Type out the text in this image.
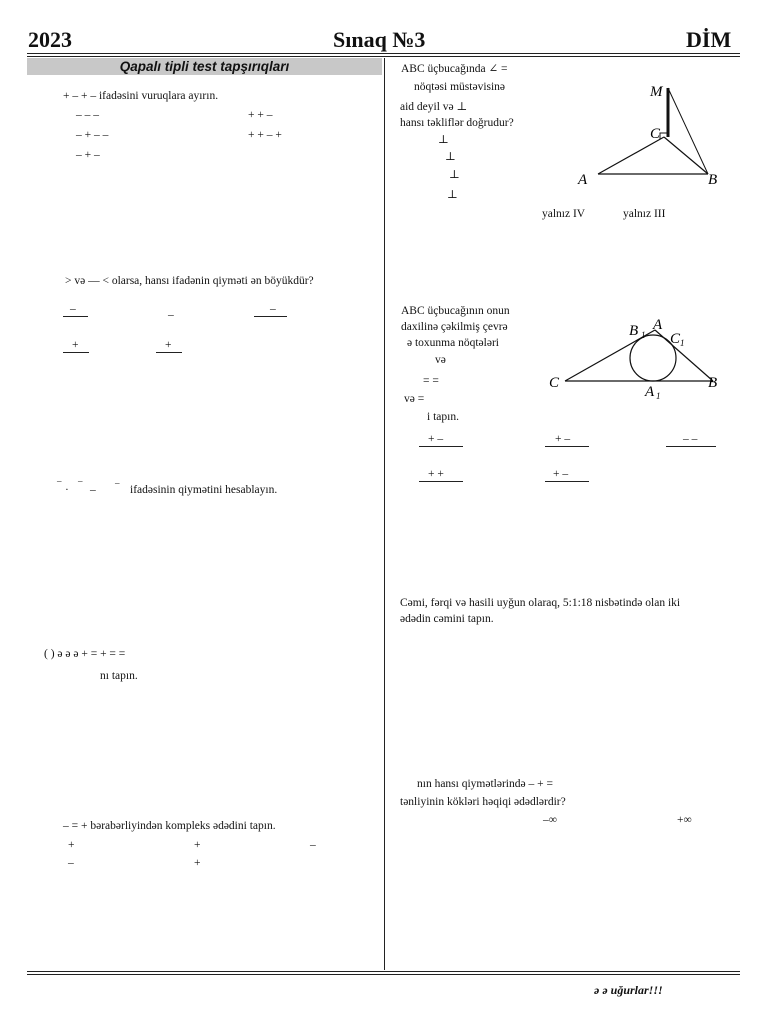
2023	Sınaq №3	DİM
Qapalı tipli test tapşırıqları
+ – + – ifadəsini vuruqlara ayırın.
– – –	+ + –
– + – –	+ + – +
– + –
> və — < olarsa, hansı ifadənin qiyməti ən böyükdür?
–	–	–
+	+
–
·
–
–
–
ifadəsinin qiymətini hesablayın.
( ) ə ə ə + = + = =
nı tapın.
– = + bərabərliyindən kompleks ədədini tapın.
+	+	–
–	+
ABC üçbucağında ∠ =
nöqtəsi müstəvisinə
aid deyil və ⊥
hansı təkliflər doğrudur?
⊥
⊥
⊥
⊥
yalnız IV	yalnız III
M
C
A	B
ABC üçbucağının onun
daxilinə çəkilmiş çevrə
ə toxunma nöqtələri
və
= =
və =
i tapın.
+ –	+ –	– –
+ +	+ –
B 1
A
C 1
C
A 1
B
Cəmi, fərqi və hasili uyğun olaraq, 5:1:18 nisbətində olan iki
ədədin cəmini tapın.
nın hansı qiymətlərində – + =
tənliyinin kökləri həqiqi ədədlərdir?
–∞	+∞
ə ə uğurlar!!!
